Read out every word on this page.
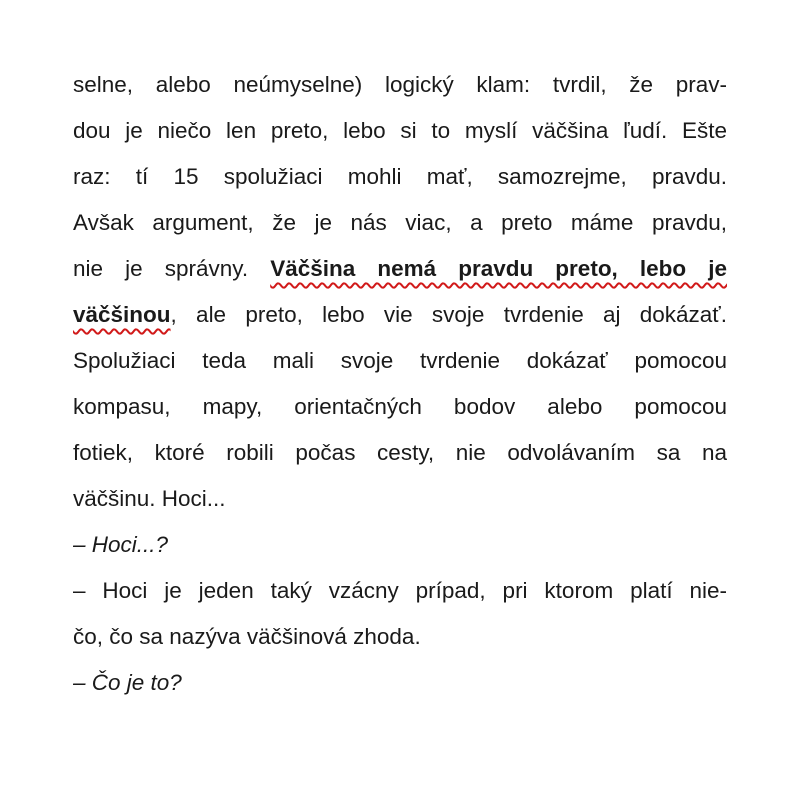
selne, alebo neúmyselne) logický klam: tvrdil, že prav-
dou je niečo len preto, lebo si to myslí väčšina ľudí. Ešte
raz: tí 15 spolužiaci mohli mať, samozrejme, pravdu.
Avšak argument, že je nás viac, a preto máme pravdu,
nie je správny. Väčšina nemá pravdu preto, lebo je
väčšinou, ale preto, lebo vie svoje tvrdenie aj dokázať.
Spolužiaci teda mali svoje tvrdenie dokázať pomocou
kompasu, mapy, orientačných bodov alebo pomocou
fotiek, ktoré robili počas cesty, nie odvolávaním sa na
väčšinu. Hoci...
– Hoci...?
– Hoci je jeden taký vzácny prípad, pri ktorom platí nie-
čo, čo sa nazýva väčšinová zhoda.
– Čo je to?
